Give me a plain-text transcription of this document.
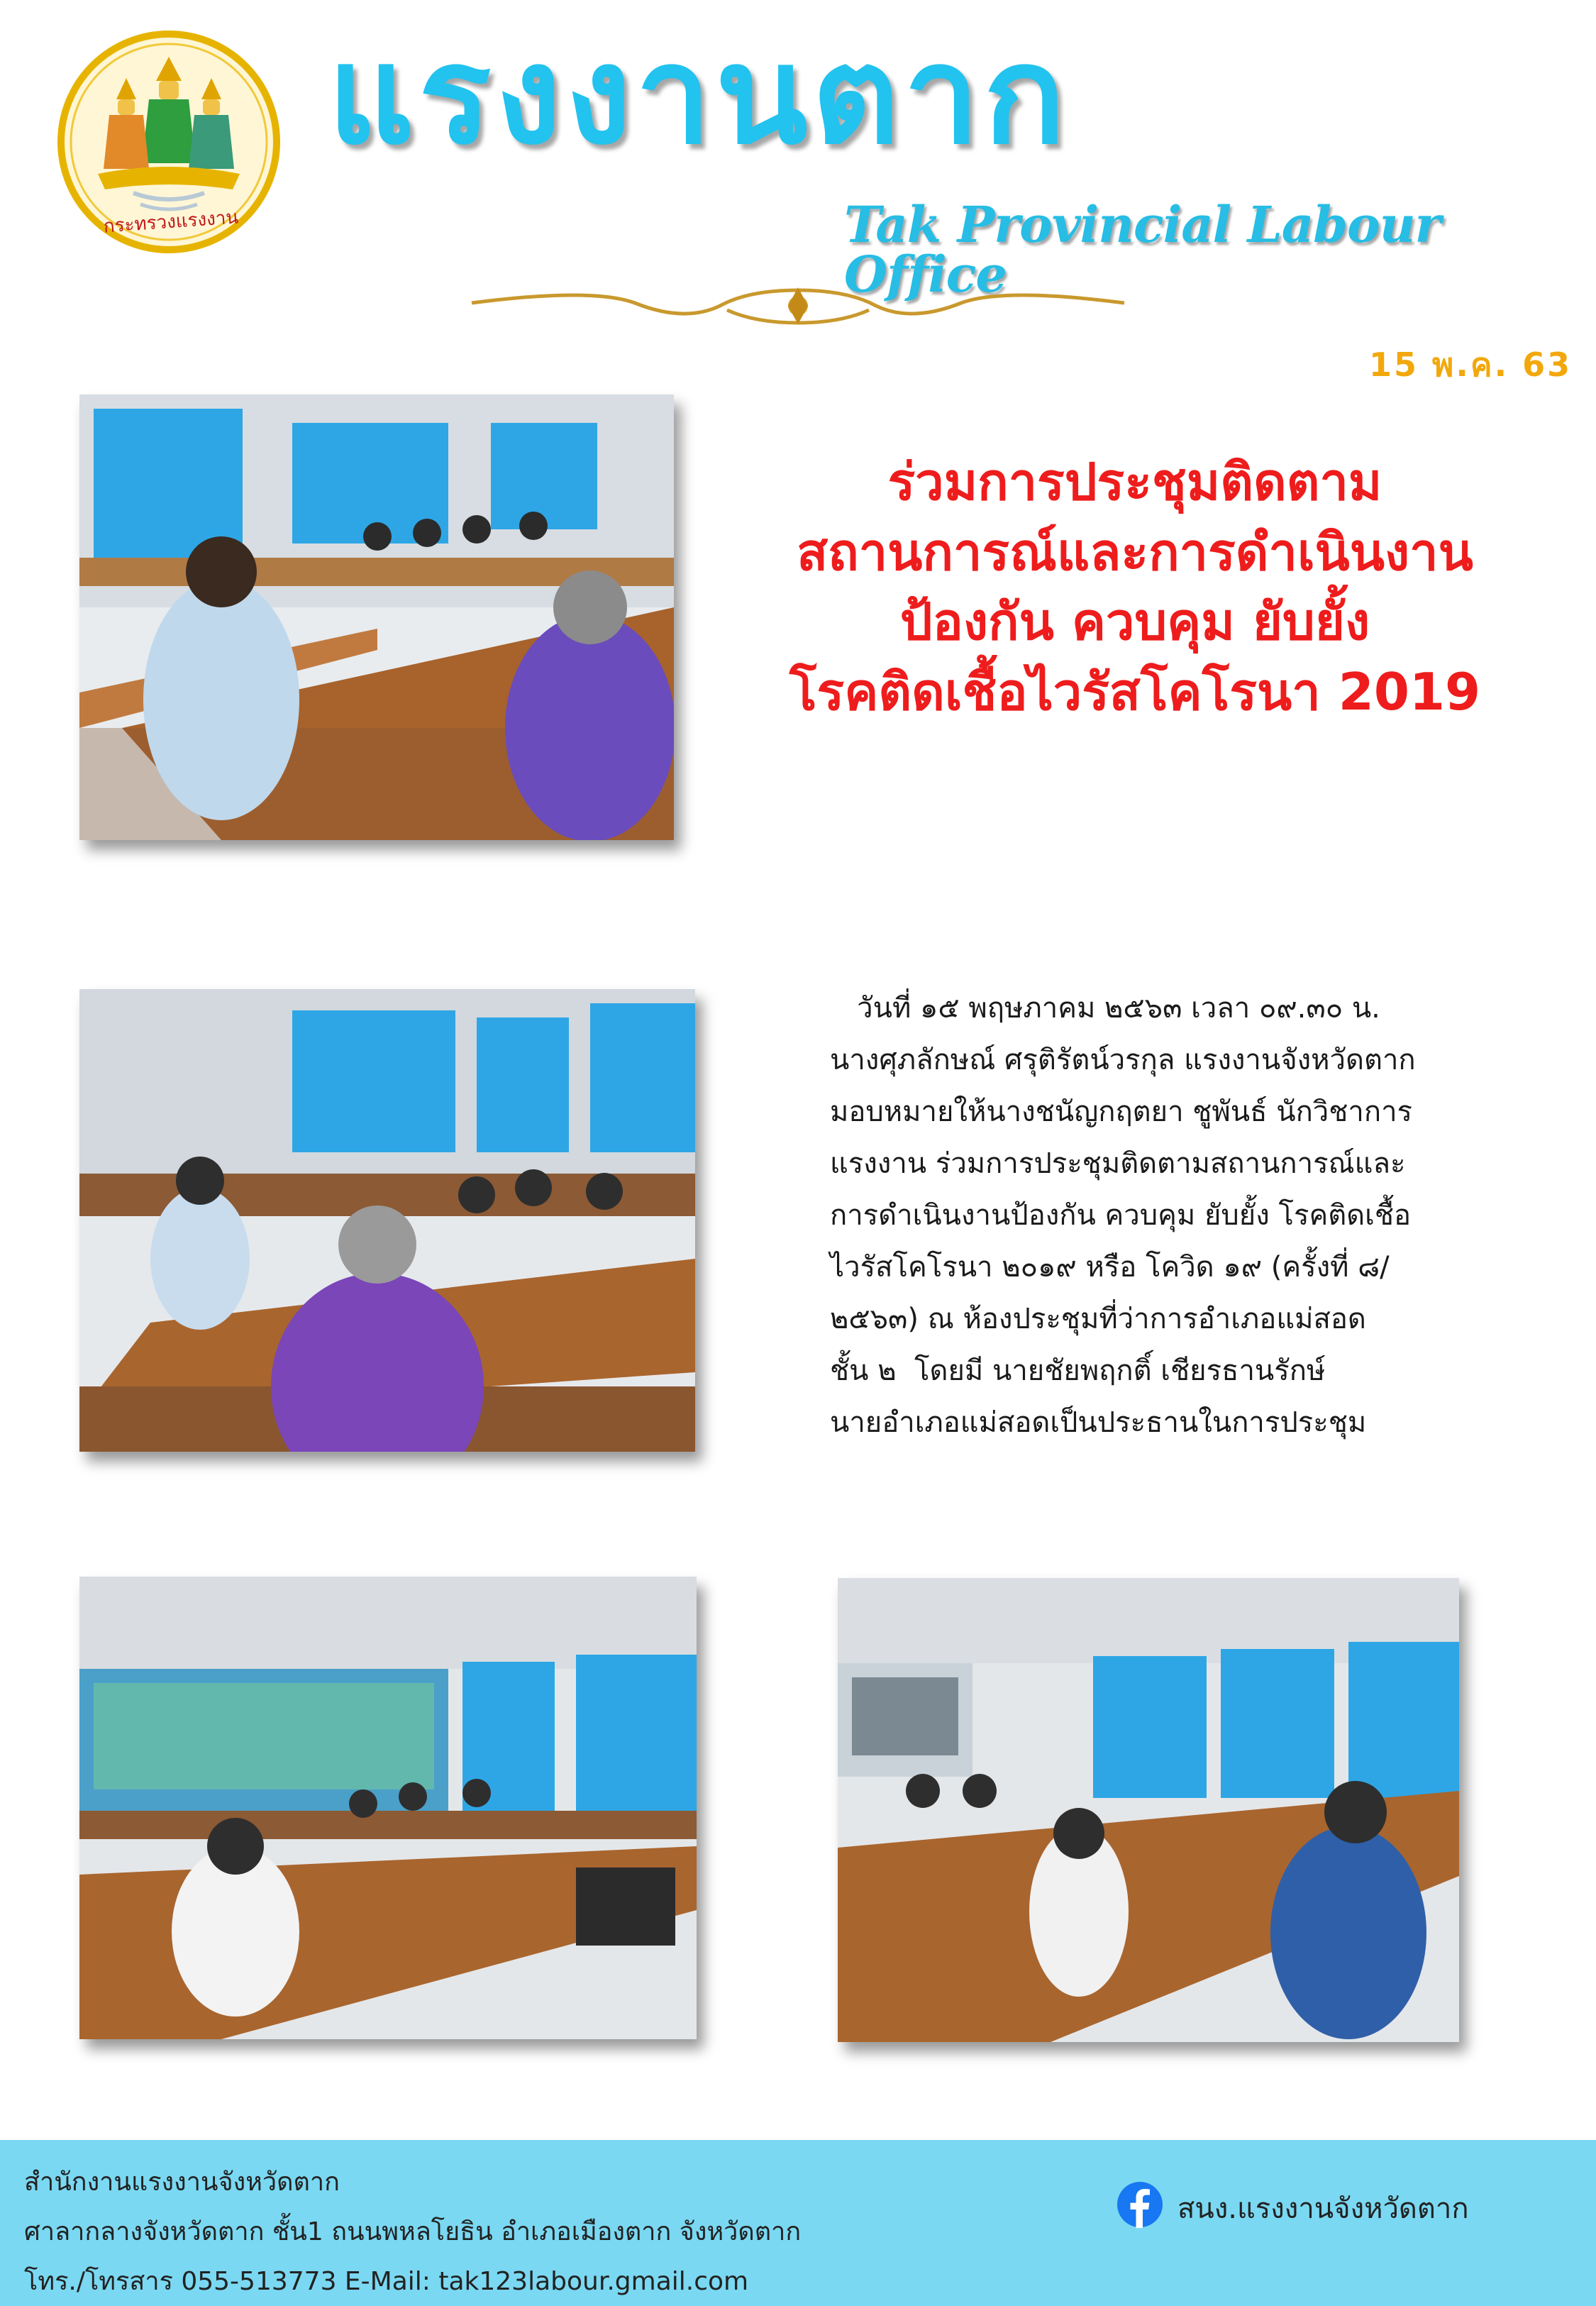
กระทรวงแรงงาน
แรงงานตาก
Tak Provincial Labour Office
15 พ.ค. 63
ร่วมการประชุมติดตาม
สถานการณ์และการดำเนินงาน
ป้องกัน ควบคุม ยับยั้ง
โรคติดเชื้อไวรัสโคโรนา 2019
วันที่ ๑๕ พฤษภาคม ๒๕๖๓ เวลา ๐๙.๓๐ น.
นางศุภลักษณ์ ศรุติรัตน์วรกุล แรงงานจังหวัดตาก
มอบหมายให้นางชนัญกฤตยา ชูพันธ์ นักวิชาการ
แรงงาน ร่วมการประชุมติดตามสถานการณ์และ
การดำเนินงานป้องกัน ควบคุม ยับยั้ง โรคติดเชื้อ
ไวรัสโคโรนา ๒๐๑๙ หรือ โควิด ๑๙ (ครั้งที่ ๘/
๒๕๖๓) ณ ห้องประชุมที่ว่าการอำเภอแม่สอด
ชั้น ๒  โดยมี นายชัยพฤกติ์ เชียรธานรักษ์
นายอำเภอแม่สอดเป็นประธานในการประชุม
สำนักงานแรงงานจังหวัดตาก
ศาลากลางจังหวัดตาก ชั้น1 ถนนพหลโยธิน อำเภอเมืองตาก จังหวัดตาก
โทร./โทรสาร 055-513773 E-Mail: tak123labour.gmail.com
สนง.แรงงานจังหวัดตาก
